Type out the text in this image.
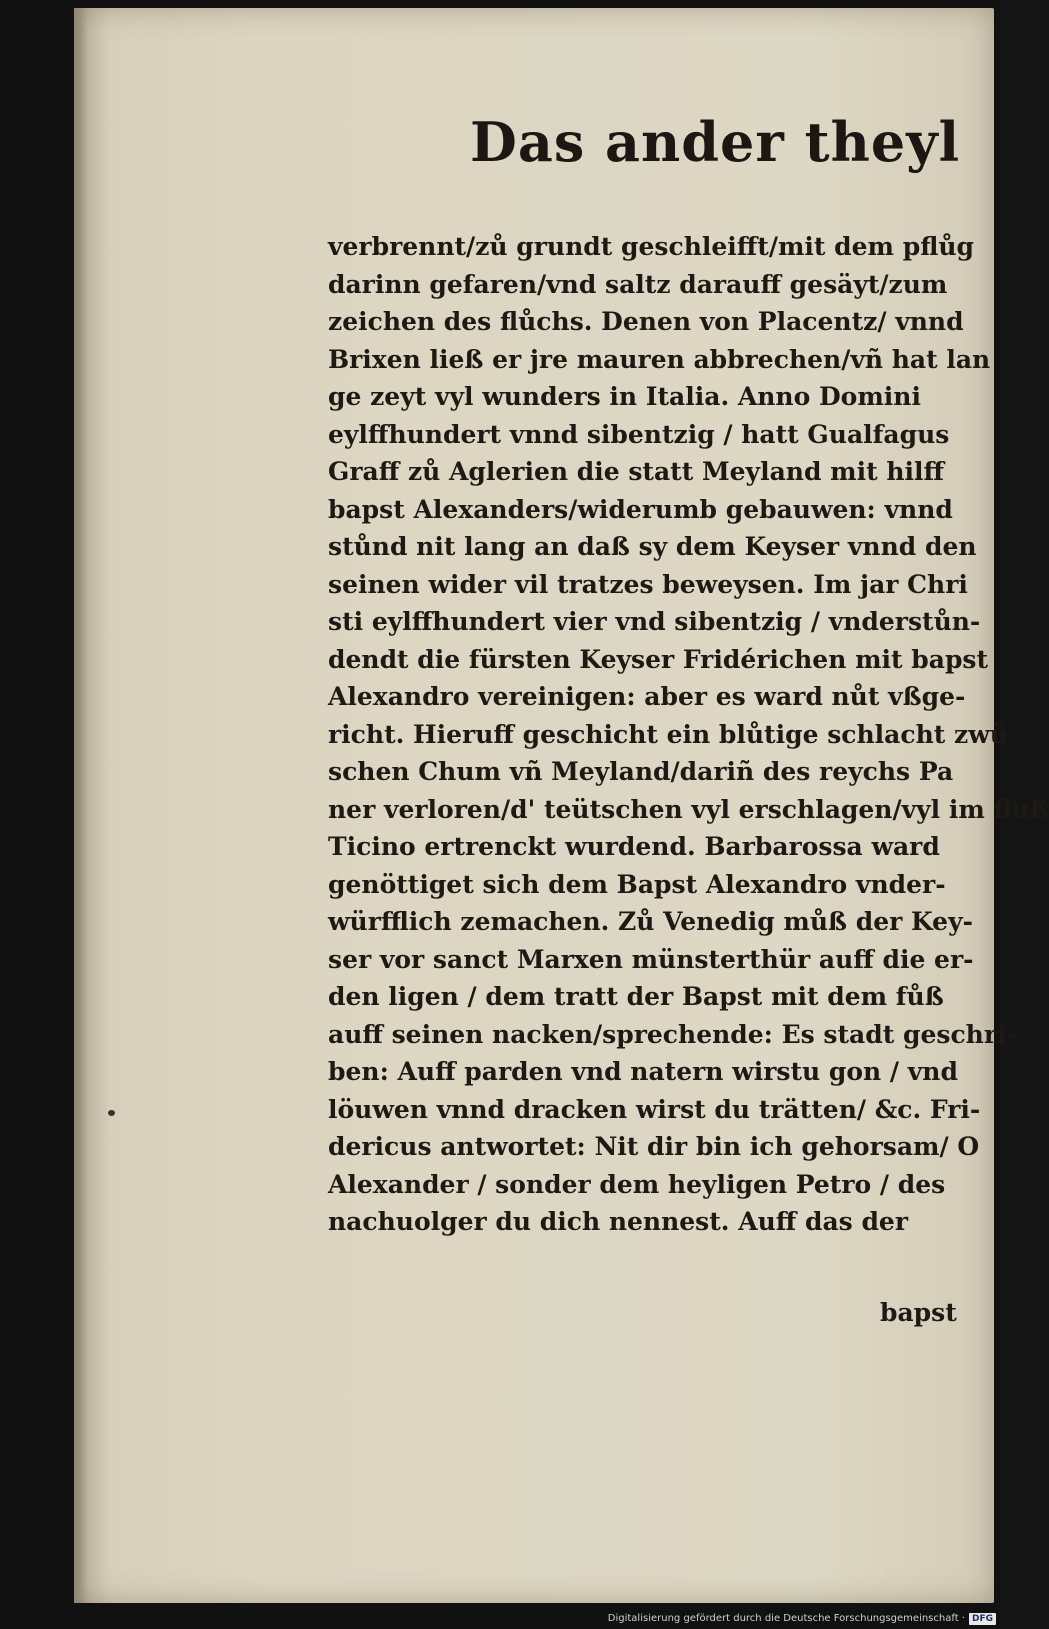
Das ander theyl
verbrennt/zů grundt geschleifft/mit dem pflůg
darinn gefaren/vnd saltz darauff gesäyt/zum
zeichen des flůchs. Denen von Placentz/ vnnd
Brixen ließ er jre mauren abbrechen/vñ hat lan
ge zeyt vyl wunders in Italia. Anno Domini
eylffhundert vnnd sibentzig / hatt Gualfagus
Graff zů Aglerien die statt Meyland mit hilff
bapst Alexanders/widerumb gebauwen: vnnd
stůnd nit lang an daß sy dem Keyser vnnd den
seinen wider vil tratzes beweysen. Im jar Chri
sti eylffhundert vier vnd sibentzig / vnderstůn-
dendt die fürsten Keyser Fridérichen mit bapst
Alexandro vereinigen: aber es ward nůt vßge-
richt. Hieruff geschicht ein blůtige schlacht zwü
schen Chum vñ Meyland/dariñ des reychs Pa
ner verloren/d' teütschen vyl erschlagen/vyl im fluß
Ticino ertrenckt wurdend. Barbarossa ward
genöttiget sich dem Bapst Alexandro vnder-
würfflich zemachen. Zů Venedig můß der Key-
ser vor sanct Marxen münsterthür auff die er-
den ligen / dem tratt der Bapst mit dem fůß
auff seinen nacken/sprechende: Es stadt geschri-
ben: Auff parden vnd natern wirstu gon / vnd
löuwen vnnd dracken wirst du trätten/ &c. Fri-
dericus antwortet: Nit dir bin ich gehorsam/ O
Alexander / sonder dem heyligen Petro / des
nachuolger du dich nennest. Auff das der
bapst
Digitalisierung gefördert durch die Deutsche Forschungsgemeinschaft · DFG
